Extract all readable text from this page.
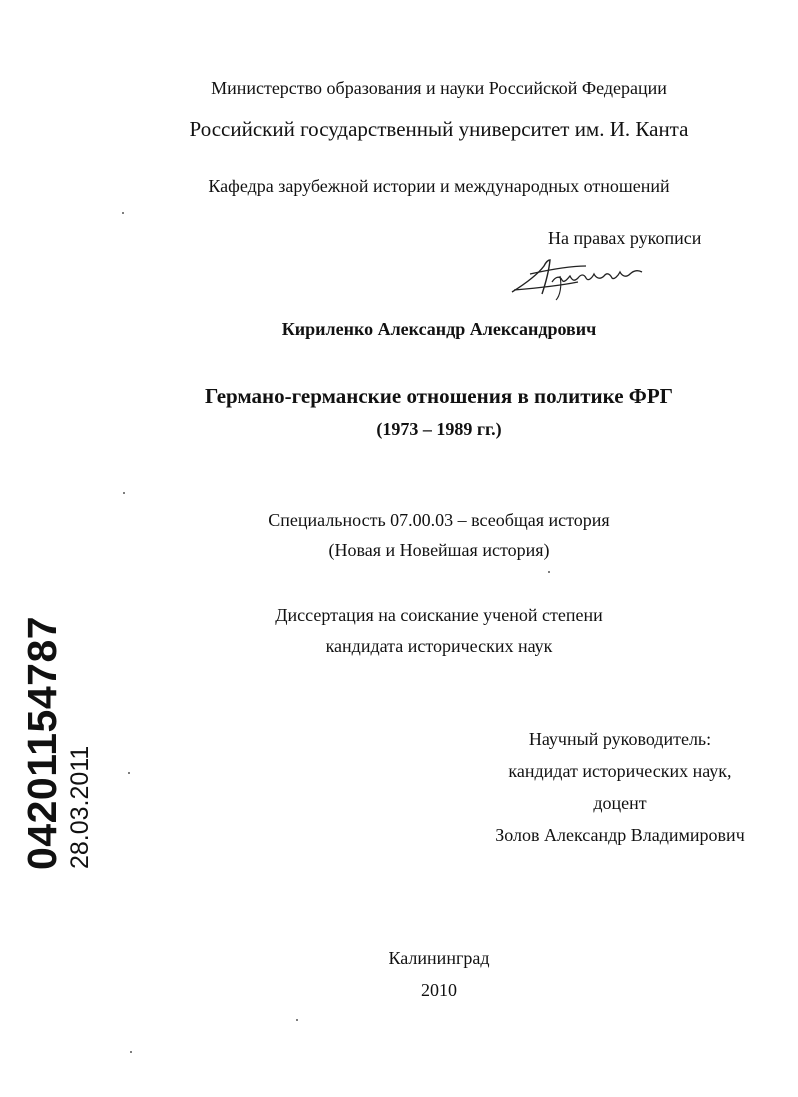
Министерство образования и науки Российской Федерации
Российский государственный университет им. И. Канта
Кафедра зарубежной истории и международных отношений
На правах рукописи
Кириленко Александр Александрович
Германо-германские отношения в политике ФРГ
(1973 – 1989 гг.)
Специальность 07.00.03 – всеобщая история
(Новая и Новейшая история)
Диссертация на соискание ученой степени
кандидата исторических наук
Научный руководитель:
кандидат исторических наук,
доцент
Золов Александр Владимирович
Калининград
2010
04201154787 28.03.2011
